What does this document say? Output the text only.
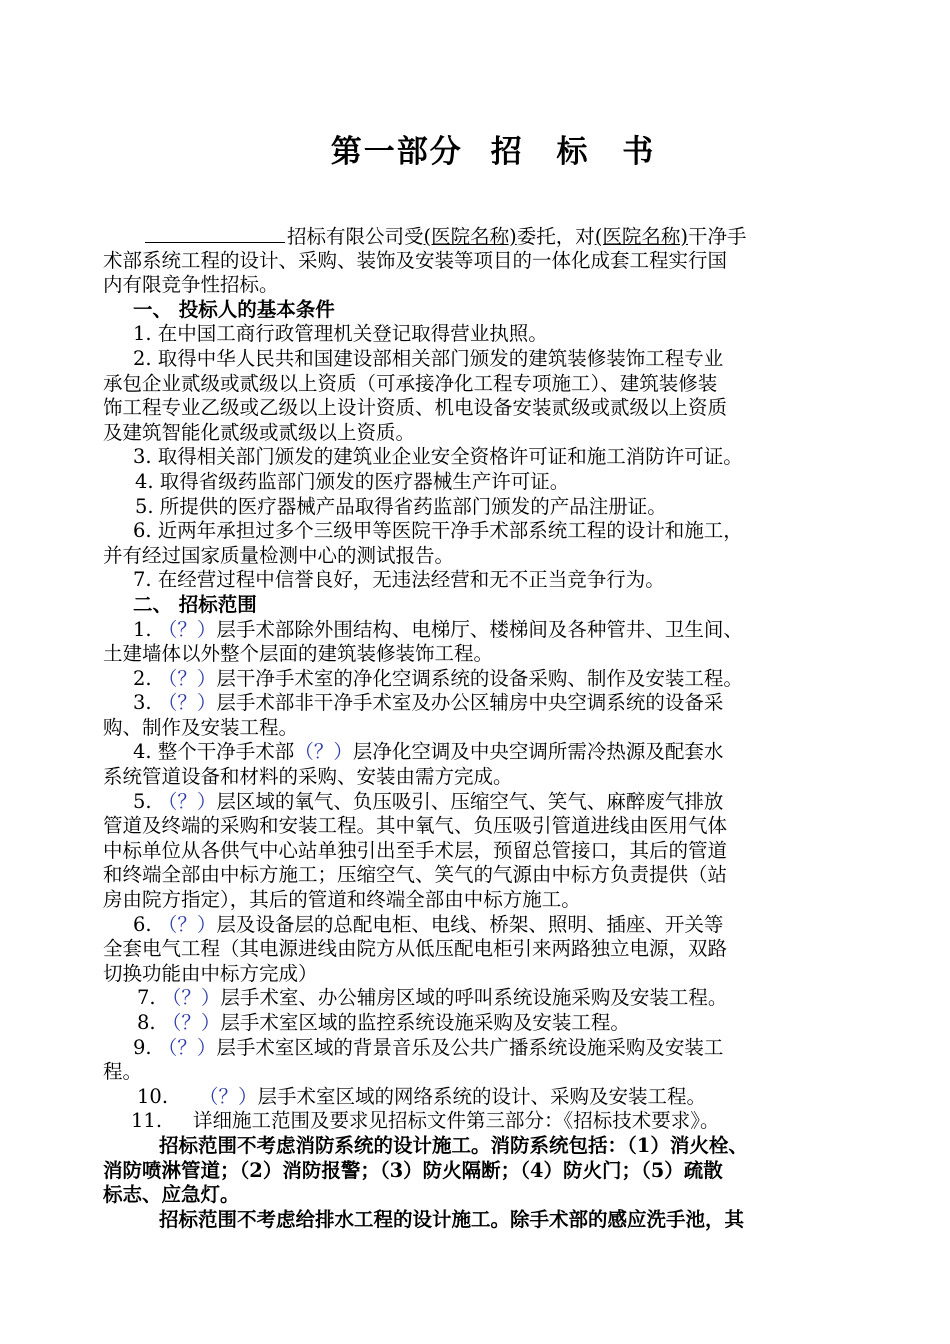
第一部分 招 标 书
招标有限公司受(医院名称)委托，对(医院名称)干净手
术部系统工程的设计、采购、装饰及安装等项目的一体化成套工程实行国
内有限竞争性招标。
一、 投标人的基本条件
1. 在中国工商行政管理机关登记取得营业执照。
2. 取得中华人民共和国建设部相关部门颁发的建筑装修装饰工程专业
承包企业贰级或贰级以上资质（可承接净化工程专项施工）、建筑装修装
饰工程专业乙级或乙级以上设计资质、机电设备安装贰级或贰级以上资质
及建筑智能化贰级或贰级以上资质。
3. 取得相关部门颁发的建筑业企业安全资格许可证和施工消防许可证。
4. 取得省级药监部门颁发的医疗器械生产许可证。
5. 所提供的医疗器械产品取得省药监部门颁发的产品注册证。
6. 近两年承担过多个三级甲等医院干净手术部系统工程的设计和施工，
并有经过国家质量检测中心的测试报告。
7. 在经营过程中信誉良好，无违法经营和无不正当竞争行为。
二、 招标范围
1. （？）层手术部除外围结构、电梯厅、楼梯间及各种管井、卫生间、
土建墙体以外整个层面的建筑装修装饰工程。
2. （？）层干净手术室的净化空调系统的设备采购、制作及安装工程。
3. （？）层手术部非干净手术室及办公区辅房中央空调系统的设备采
购、制作及安装工程。
4. 整个干净手术部（？）层净化空调及中央空调所需冷热源及配套水
系统管道设备和材料的采购、安装由需方完成。
5. （？）层区域的氧气、负压吸引、压缩空气、笑气、麻醉废气排放
管道及终端的采购和安装工程。其中氧气、负压吸引管道进线由医用气体
中标单位从各供气中心站单独引出至手术层，预留总管接口，其后的管道
和终端全部由中标方施工；压缩空气、笑气的气源由中标方负责提供（站
房由院方指定），其后的管道和终端全部由中标方施工。
6. （？）层及设备层的总配电柜、电线、桥架、照明、插座、开关等
全套电气工程（其电源进线由院方从低压配电柜引来两路独立电源，双路
切换功能由中标方完成）
7. （？）层手术室、办公辅房区域的呼叫系统设施采购及安装工程。
8. （？）层手术室区域的监控系统设施采购及安装工程。
9. （？）层手术室区域的背景音乐及公共广播系统设施采购及安装工
程。
10.     （？）层手术室区域的网络系统的设计、采购及安装工程。
11.     详细施工范围及要求见招标文件第三部分：《招标技术要求》。
招标范围不考虑消防系统的设计施工。消防系统包括：（1）消火栓、
消防喷淋管道；（2）消防报警；（3）防火隔断；（4）防火门；（5）疏散
标志、应急灯。
招标范围不考虑给排水工程的设计施工。除手术部的感应洗手池，其
